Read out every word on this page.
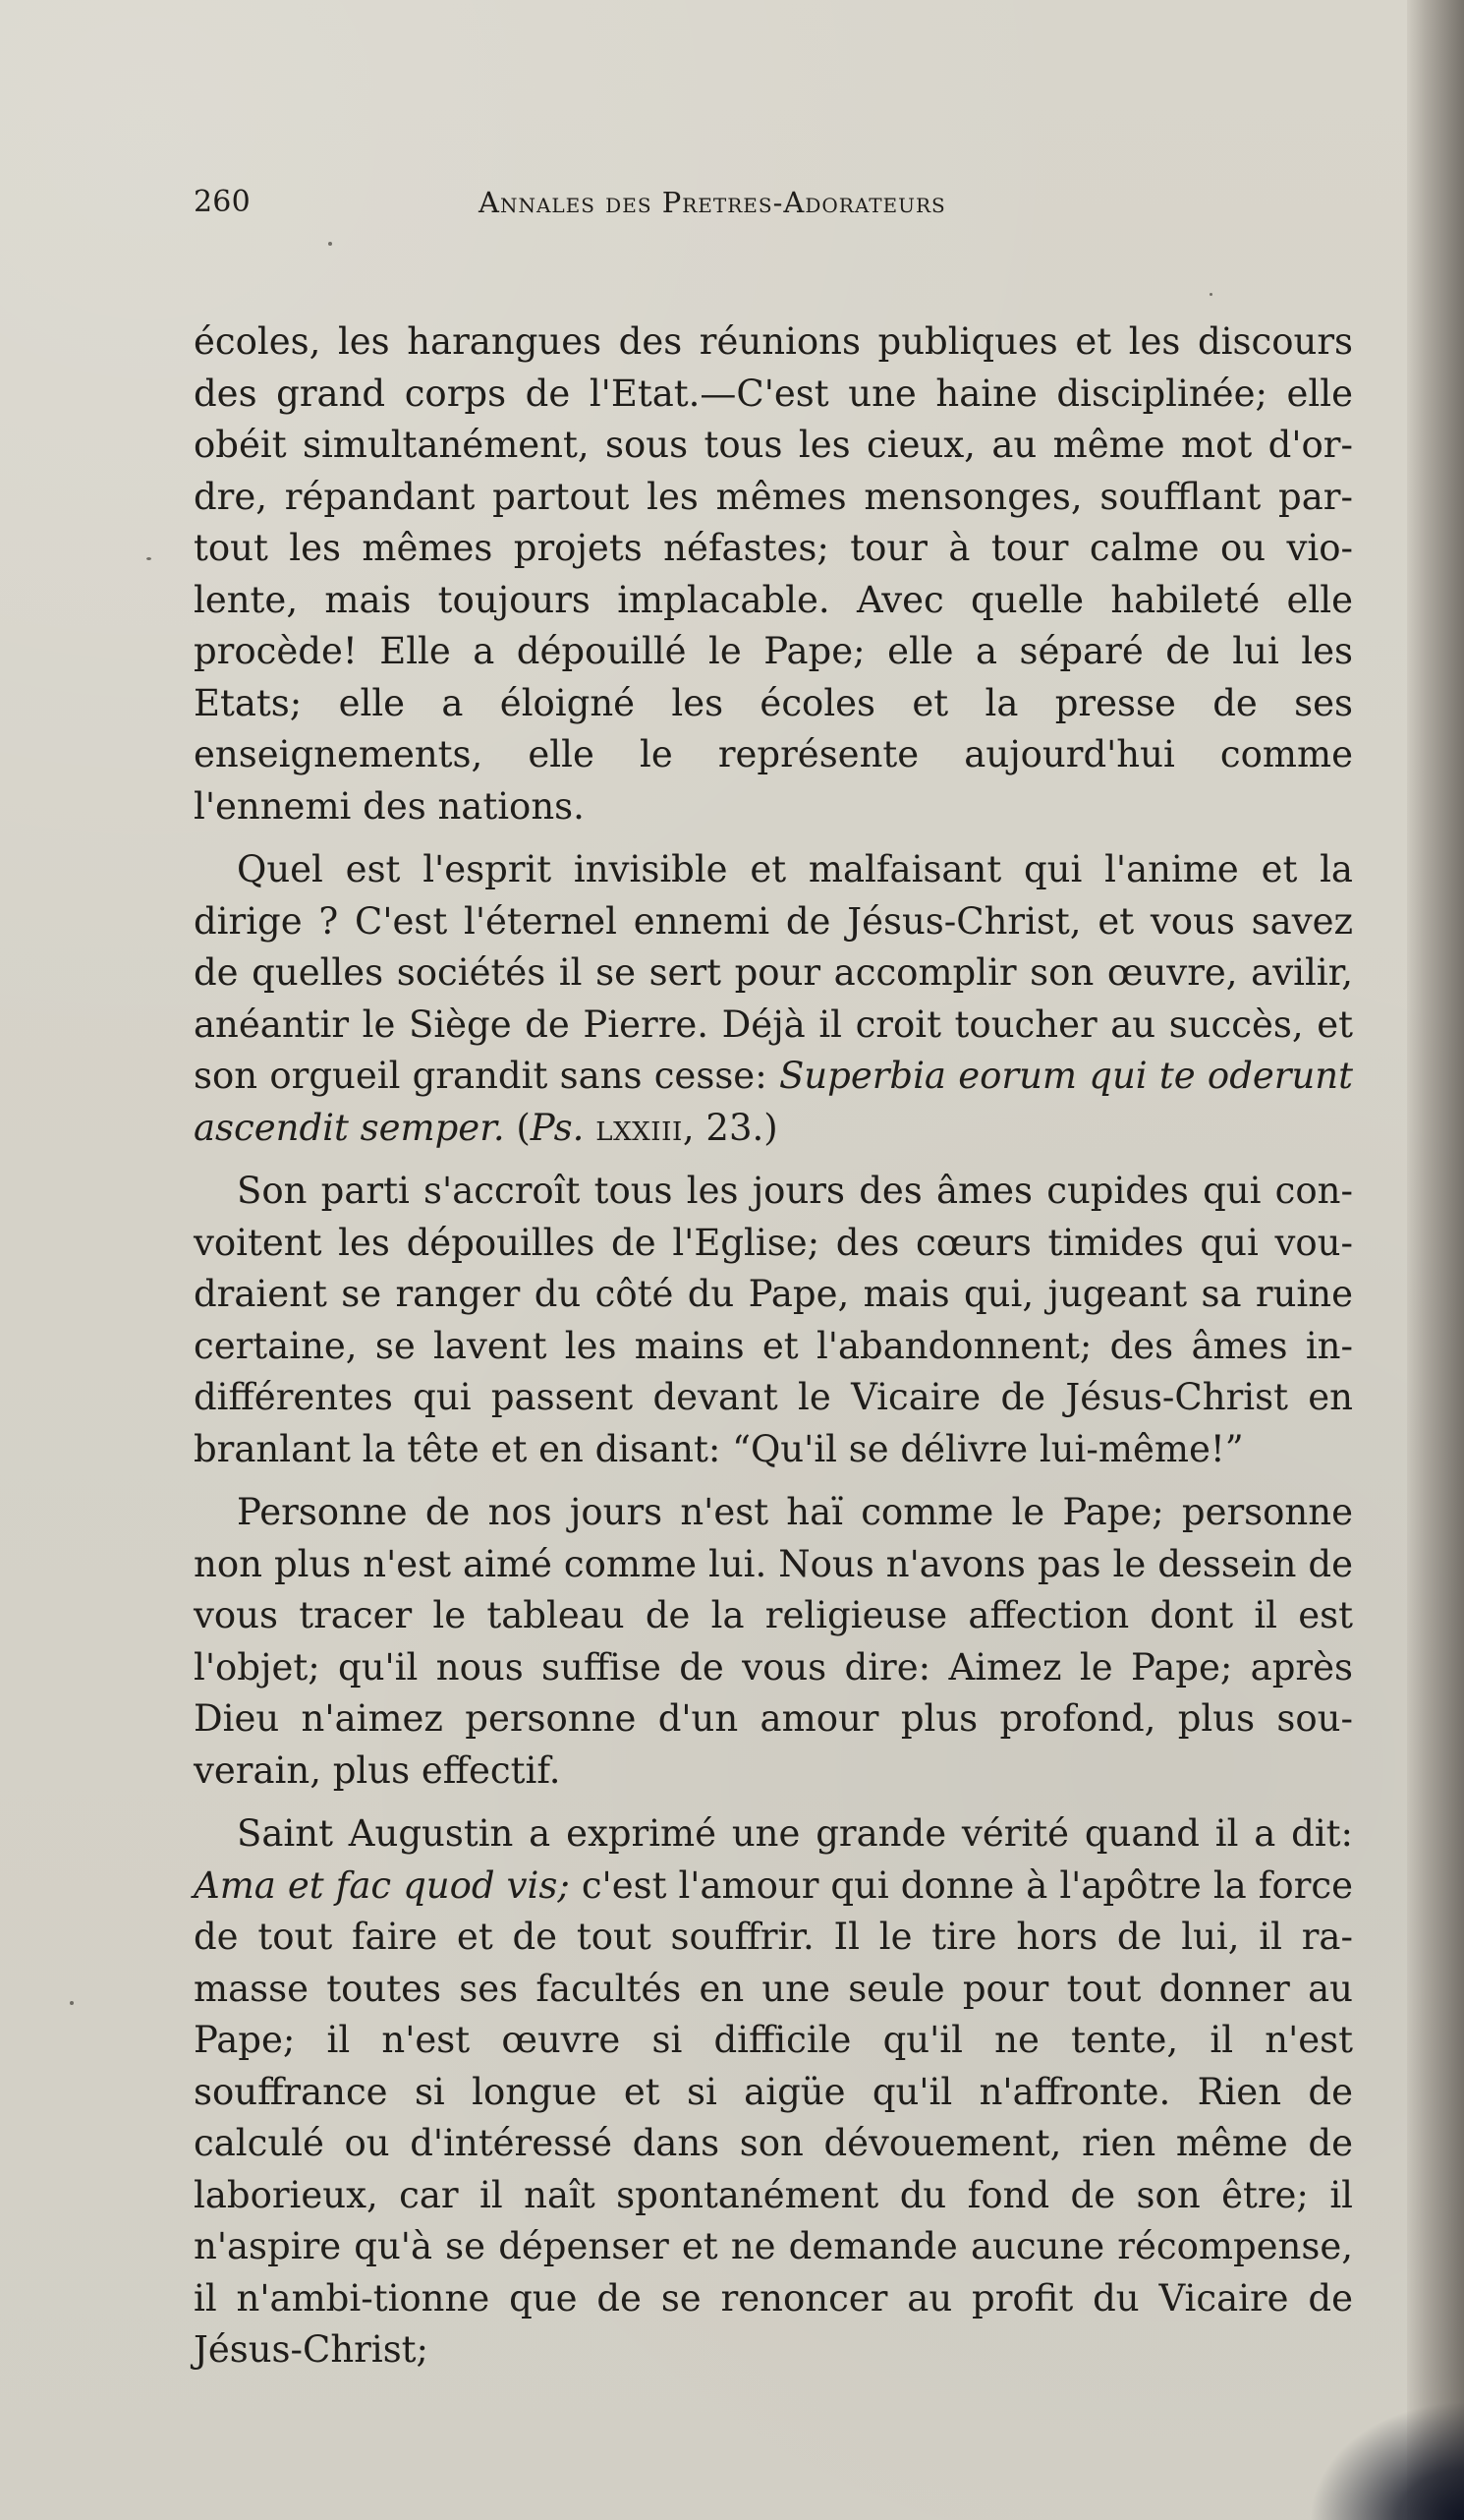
260	Annales des Pretres-Adorateurs

écoles, les harangues des réunions publiques et les discours des grand corps de l'Etat.—C'est une haine disciplinée; elle obéit simultanément, sous tous les cieux, au même mot d'or-dre, répandant partout les mêmes mensonges, soufflant par-tout les mêmes projets néfastes; tour à tour calme ou vio-lente, mais toujours implacable. Avec quelle habileté elle procède! Elle a dépouillé le Pape; elle a séparé de lui les Etats; elle a éloigné les écoles et la presse de ses enseignements, elle le représente aujourd'hui comme l'ennemi des nations.

Quel est l'esprit invisible et malfaisant qui l'anime et la dirige ? C'est l'éternel ennemi de Jésus-Christ, et vous savez de quelles sociétés il se sert pour accomplir son œuvre, avilir, anéantir le Siège de Pierre. Déjà il croit toucher au succès, et son orgueil grandit sans cesse: Superbia eorum qui te oderunt ascendit semper. (Ps. lxxiii, 23.)

Son parti s'accroît tous les jours des âmes cupides qui con-voitent les dépouilles de l'Eglise; des cœurs timides qui vou-draient se ranger du côté du Pape, mais qui, jugeant sa ruine certaine, se lavent les mains et l'abandonnent; des âmes in-différentes qui passent devant le Vicaire de Jésus-Christ en branlant la tête et en disant: “Qu'il se délivre lui-même!”

Personne de nos jours n'est haï comme le Pape; personne non plus n'est aimé comme lui. Nous n'avons pas le dessein de vous tracer le tableau de la religieuse affection dont il est l'objet; qu'il nous suffise de vous dire: Aimez le Pape; après Dieu n'aimez personne d'un amour plus profond, plus sou-verain, plus effectif.

Saint Augustin a exprimé une grande vérité quand il a dit: Ama et fac quod vis; c'est l'amour qui donne à l'apôtre la force de tout faire et de tout souffrir. Il le tire hors de lui, il ra-masse toutes ses facultés en une seule pour tout donner au Pape; il n'est œuvre si difficile qu'il ne tente, il n'est souffrance si longue et si aigüe qu'il n'affronte. Rien de calculé ou d'intéressé dans son dévouement, rien même de laborieux, car il naît spontanément du fond de son être; il n'aspire qu'à se dépenser et ne demande aucune récompense, il n'ambi-tionne que de se renoncer au profit du Vicaire de Jésus-Christ;
